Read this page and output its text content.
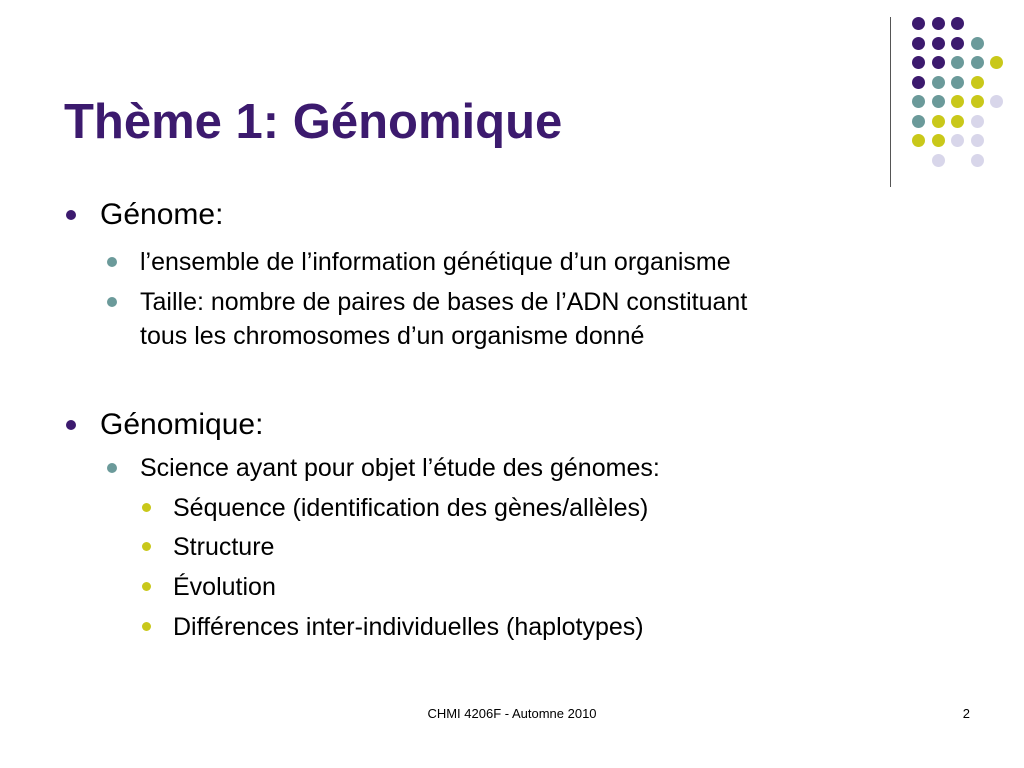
Thème 1: Génomique
Génome:
l’ensemble de l’information génétique d’un organisme
Taille: nombre de paires de bases de l’ADN constituant
tous les chromosomes d’un organisme donné
Génomique:
Science ayant pour objet l’étude des génomes:
Séquence (identification des gènes/allèles)
Structure
Évolution
Différences inter-individuelles (haplotypes)
CHMI 4206F - Automne 2010	2
